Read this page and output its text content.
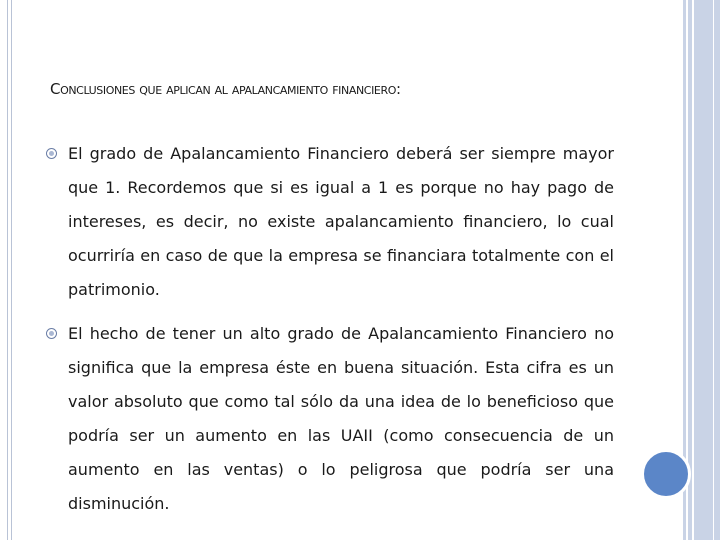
Conclusiones que aplican al apalancamiento financiero:
El grado de Apalancamiento Financiero deberá ser siempre mayor que 1. Recordemos que si es igual a 1 es porque no hay pago de intereses, es decir, no existe apalancamiento financiero, lo cual ocurriría en caso de que la empresa se financiara totalmente con el patrimonio.
El hecho de tener un alto grado de Apalancamiento Financiero no significa que la empresa éste en buena situación. Esta cifra es un valor absoluto que como tal sólo da una idea de lo beneficioso que podría ser un aumento en las UAII (como consecuencia de un aumento en las ventas) o lo peligrosa que podría ser una disminución.
